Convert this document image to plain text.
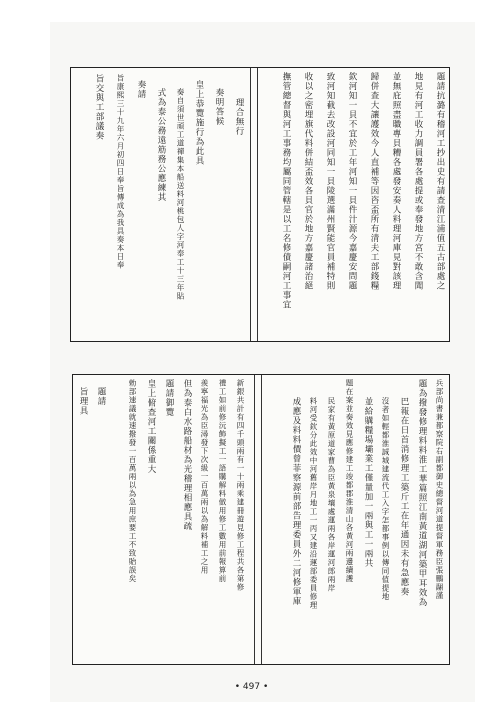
題請抗潞有稽河工抄出史有請查清江浦值五古部處之
地見有河工收力調員署各處提或奉發地方宮不敢含聞
並無庇照盡職專貝糟各處發安奏人料理河庫見對該理
歸併查大讓護效今人直補等因咨盃所有清夫工部錢糧
欽河知一貝不宜於工年河知一貝件汁源今嘉慶安問題
致河知截去改設河同知一貝陵選滿州賢能官員補特則
收以之密埋旗代料併結盃效各貝官於地方嘉慶諸治絕
撫管總督與河工事務均屬同管轄是以工名修債嗣河工事宜
理合無行
奏明答候
皇上恭覽施行為此具
奏自須世頑工道禪集本船送料河桃包人字河奉工十三年貼
式為泰公務遠筋務公應練其
奏請
旨康熙三十九年六月初四日奉旨傳成為我具奏本日奉
旨交與工部議奏
兵部尚書兼都察院右副都御史總督河道提督軍務臣張鵬翮謹
題為撥發修理料料淮工華篇照江南黃道湖河築甲耳效為
巴報在日首消修理工築斤工在年通因未有急應奏
沒者如輕都淮誠城建流代工入字怎都事例以傳同值提地
並給購糧場壩業工僅量加一兩與工一兩共
題在案並奏效見應修建工竣都郡淮清山各黃河兩邊續護
民家有黃原道家曹為臣黃泉壤處運兩各岸運河郎兩岸
料河受欽分此效中河舊岸月地工一丙又建沿運部委員修理
成應及料料價曾菲察源前部告理委員外二河修軍庫
新銀共計有四千頭兩有一十兩乘建冊遊見修工程共各第修
禮工如前修沅飾擬工一語購解料做用修工數用前報算前
羨寧福光為臣潯發下次級一百萬兩以為解料補工之用
但為泰白水路船材為光稽理相應具疏
題請御覽
皇上俯查河工關係重大
勅部速議就速撥發一百萬兩以為急用庶要工不致貽誤矣
題請
旨理具
• 497 •
